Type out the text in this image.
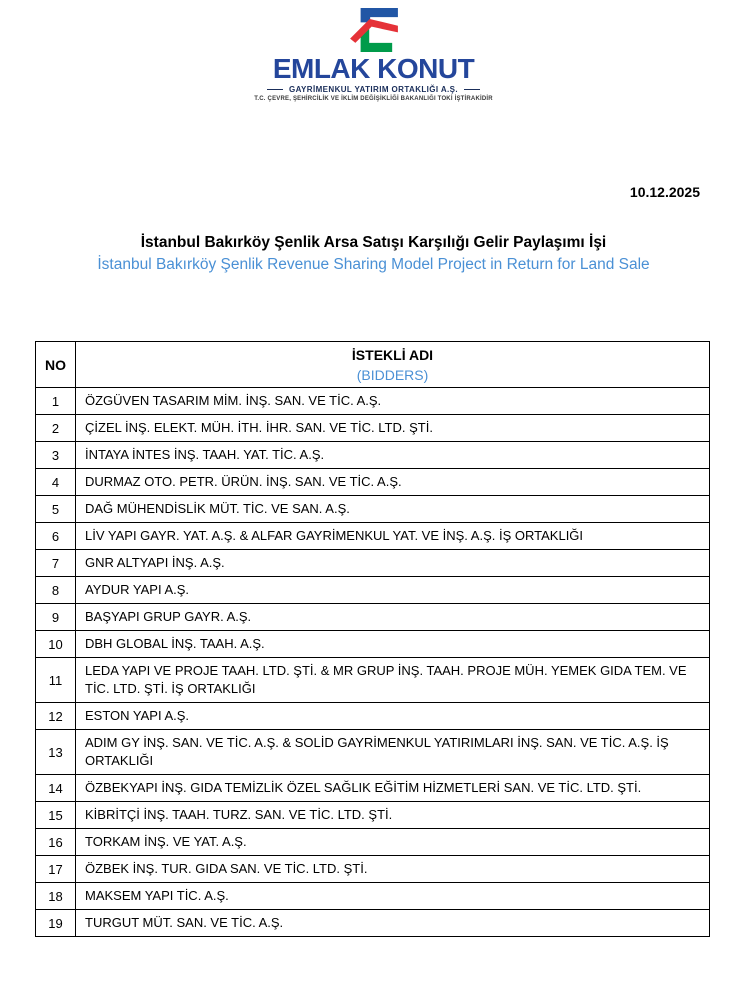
EMLAK KONUT
GAYRİMENKUL YATIRIM ORTAKLIĞI A.Ş.
T.C. ÇEVRE, ŞEHİRCİLİK VE İKLİM DEĞİŞİKLİĞİ BAKANLIĞI TOKİ İŞTİRAKİDİR
10.12.2025
İstanbul Bakırköy Şenlik Arsa Satışı Karşılığı Gelir Paylaşımı İşi
İstanbul Bakırköy Şenlik Revenue Sharing Model Project in Return for Land Sale
NO	İSTEKLİ ADI
(BIDDERS)

1	ÖZGÜVEN TASARIM MİM. İNŞ. SAN. VE TİC. A.Ş.
2	ÇİZEL İNŞ. ELEKT. MÜH. İTH. İHR. SAN. VE TİC. LTD. ŞTİ.
3	İNTAYA İNTES İNŞ. TAAH. YAT. TİC. A.Ş.
4	DURMAZ OTO. PETR. ÜRÜN. İNŞ. SAN. VE TİC. A.Ş.
5	DAĞ MÜHENDİSLİK MÜT. TİC. VE SAN. A.Ş.
6	LİV YAPI GAYR. YAT. A.Ş. & ALFAR GAYRİMENKUL YAT. VE İNŞ. A.Ş. İŞ ORTAKLIĞI
7	GNR ALTYAPI İNŞ. A.Ş.
8	AYDUR YAPI A.Ş.
9	BAŞYAPI GRUP GAYR. A.Ş.
10	DBH GLOBAL İNŞ. TAAH. A.Ş.
11	LEDA YAPI VE PROJE TAAH. LTD. ŞTİ. & MR GRUP İNŞ. TAAH. PROJE MÜH. YEMEK GIDA TEM. VE TİC. LTD. ŞTİ. İŞ ORTAKLIĞI
12	ESTON YAPI A.Ş.
13	ADIM GY İNŞ. SAN. VE TİC. A.Ş. & SOLİD GAYRİMENKUL YATIRIMLARI İNŞ. SAN. VE TİC. A.Ş. İŞ ORTAKLIĞI
14	ÖZBEKYAPI İNŞ. GIDA TEMİZLİK ÖZEL SAĞLIK EĞİTİM HİZMETLERİ SAN. VE TİC. LTD. ŞTİ.
15	KİBRİTÇİ İNŞ. TAAH. TURZ. SAN. VE TİC. LTD. ŞTİ.
16	TORKAM İNŞ. VE YAT. A.Ş.
17	ÖZBEK İNŞ. TUR. GIDA SAN. VE TİC. LTD. ŞTİ.
18	MAKSEM YAPI TİC. A.Ş.
19	TURGUT MÜT. SAN. VE TİC. A.Ş.
